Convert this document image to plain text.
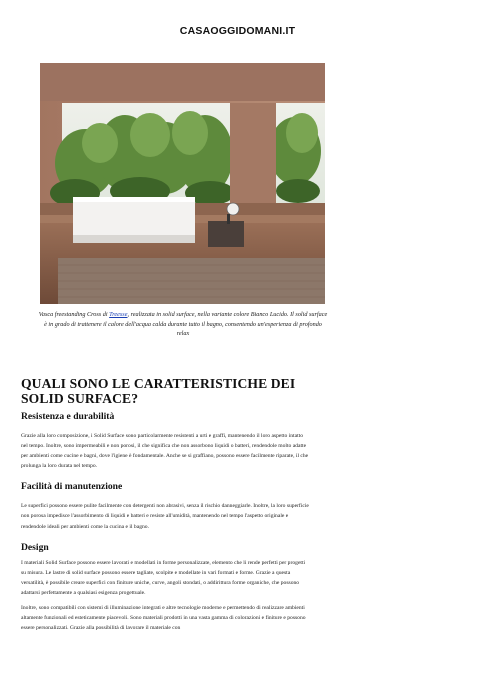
CASAOGGIDOMANI.IT
Vasca freestanding Cross di Treesse, realizzata in solid surface, nella variante colore Bianco Lucido. Il solid surface è in grado di trattenere il calore dell'acqua calda durante tutto il bagno, consentendo un'esperienza di profondo relax
QUALI SONO LE CARATTERISTICHE DEI SOLID SURFACE?
Resistenza e durabilità

Grazie alla loro composizione, i Solid Surface sono particolarmente resistenti a urti e graffi, mantenendo il loro aspetto intatto nel tempo. Inoltre, sono impermeabili e non porosi, il che significa che non assorbono liquidi o batteri, rendendole molto adatte per ambienti come cucine e bagni, dove l'igiene è fondamentale. Anche se si graffiano, possono essere facilmente riparate, il che prolunga la loro durata nel tempo.

Facilità di manutenzione

Le superfici possono essere pulite facilmente con detergenti non abrasivi, senza il rischio danneggiarle. Inoltre, la loro superficie non porosa impedisce l'assorbimento di liquidi e batteri e resiste all'umidità, mantenendo nel tempo l'aspetto originale e rendendole ideali per ambienti come la cucina e il bagno.

Design

I materiali Solid Surface possono essere lavorati e modellati in forme personalizzate, elemento che li rende perfetti per progetti su misura. Le lastre di solid surface possono essere tagliate, scolpite e modellate in vari formati e forme. Grazie a questa versatilità, è possibile creare superfici con finiture uniche, curve, angoli stondati, o addirittura forme organiche, che possono adattarsi perfettamente a qualsiasi esigenza progettuale.

Inoltre, sono compatibili con sistemi di illuminazione integrati e altre tecnologie moderne e permettendo di realizzare ambienti altamente funzionali ed esteticamente piacevoli. Sono materiali prodotti in una vasta gamma di colorazioni e finiture e possono essere personalizzati. Grazie alla possibilità di lavorare il materiale con
